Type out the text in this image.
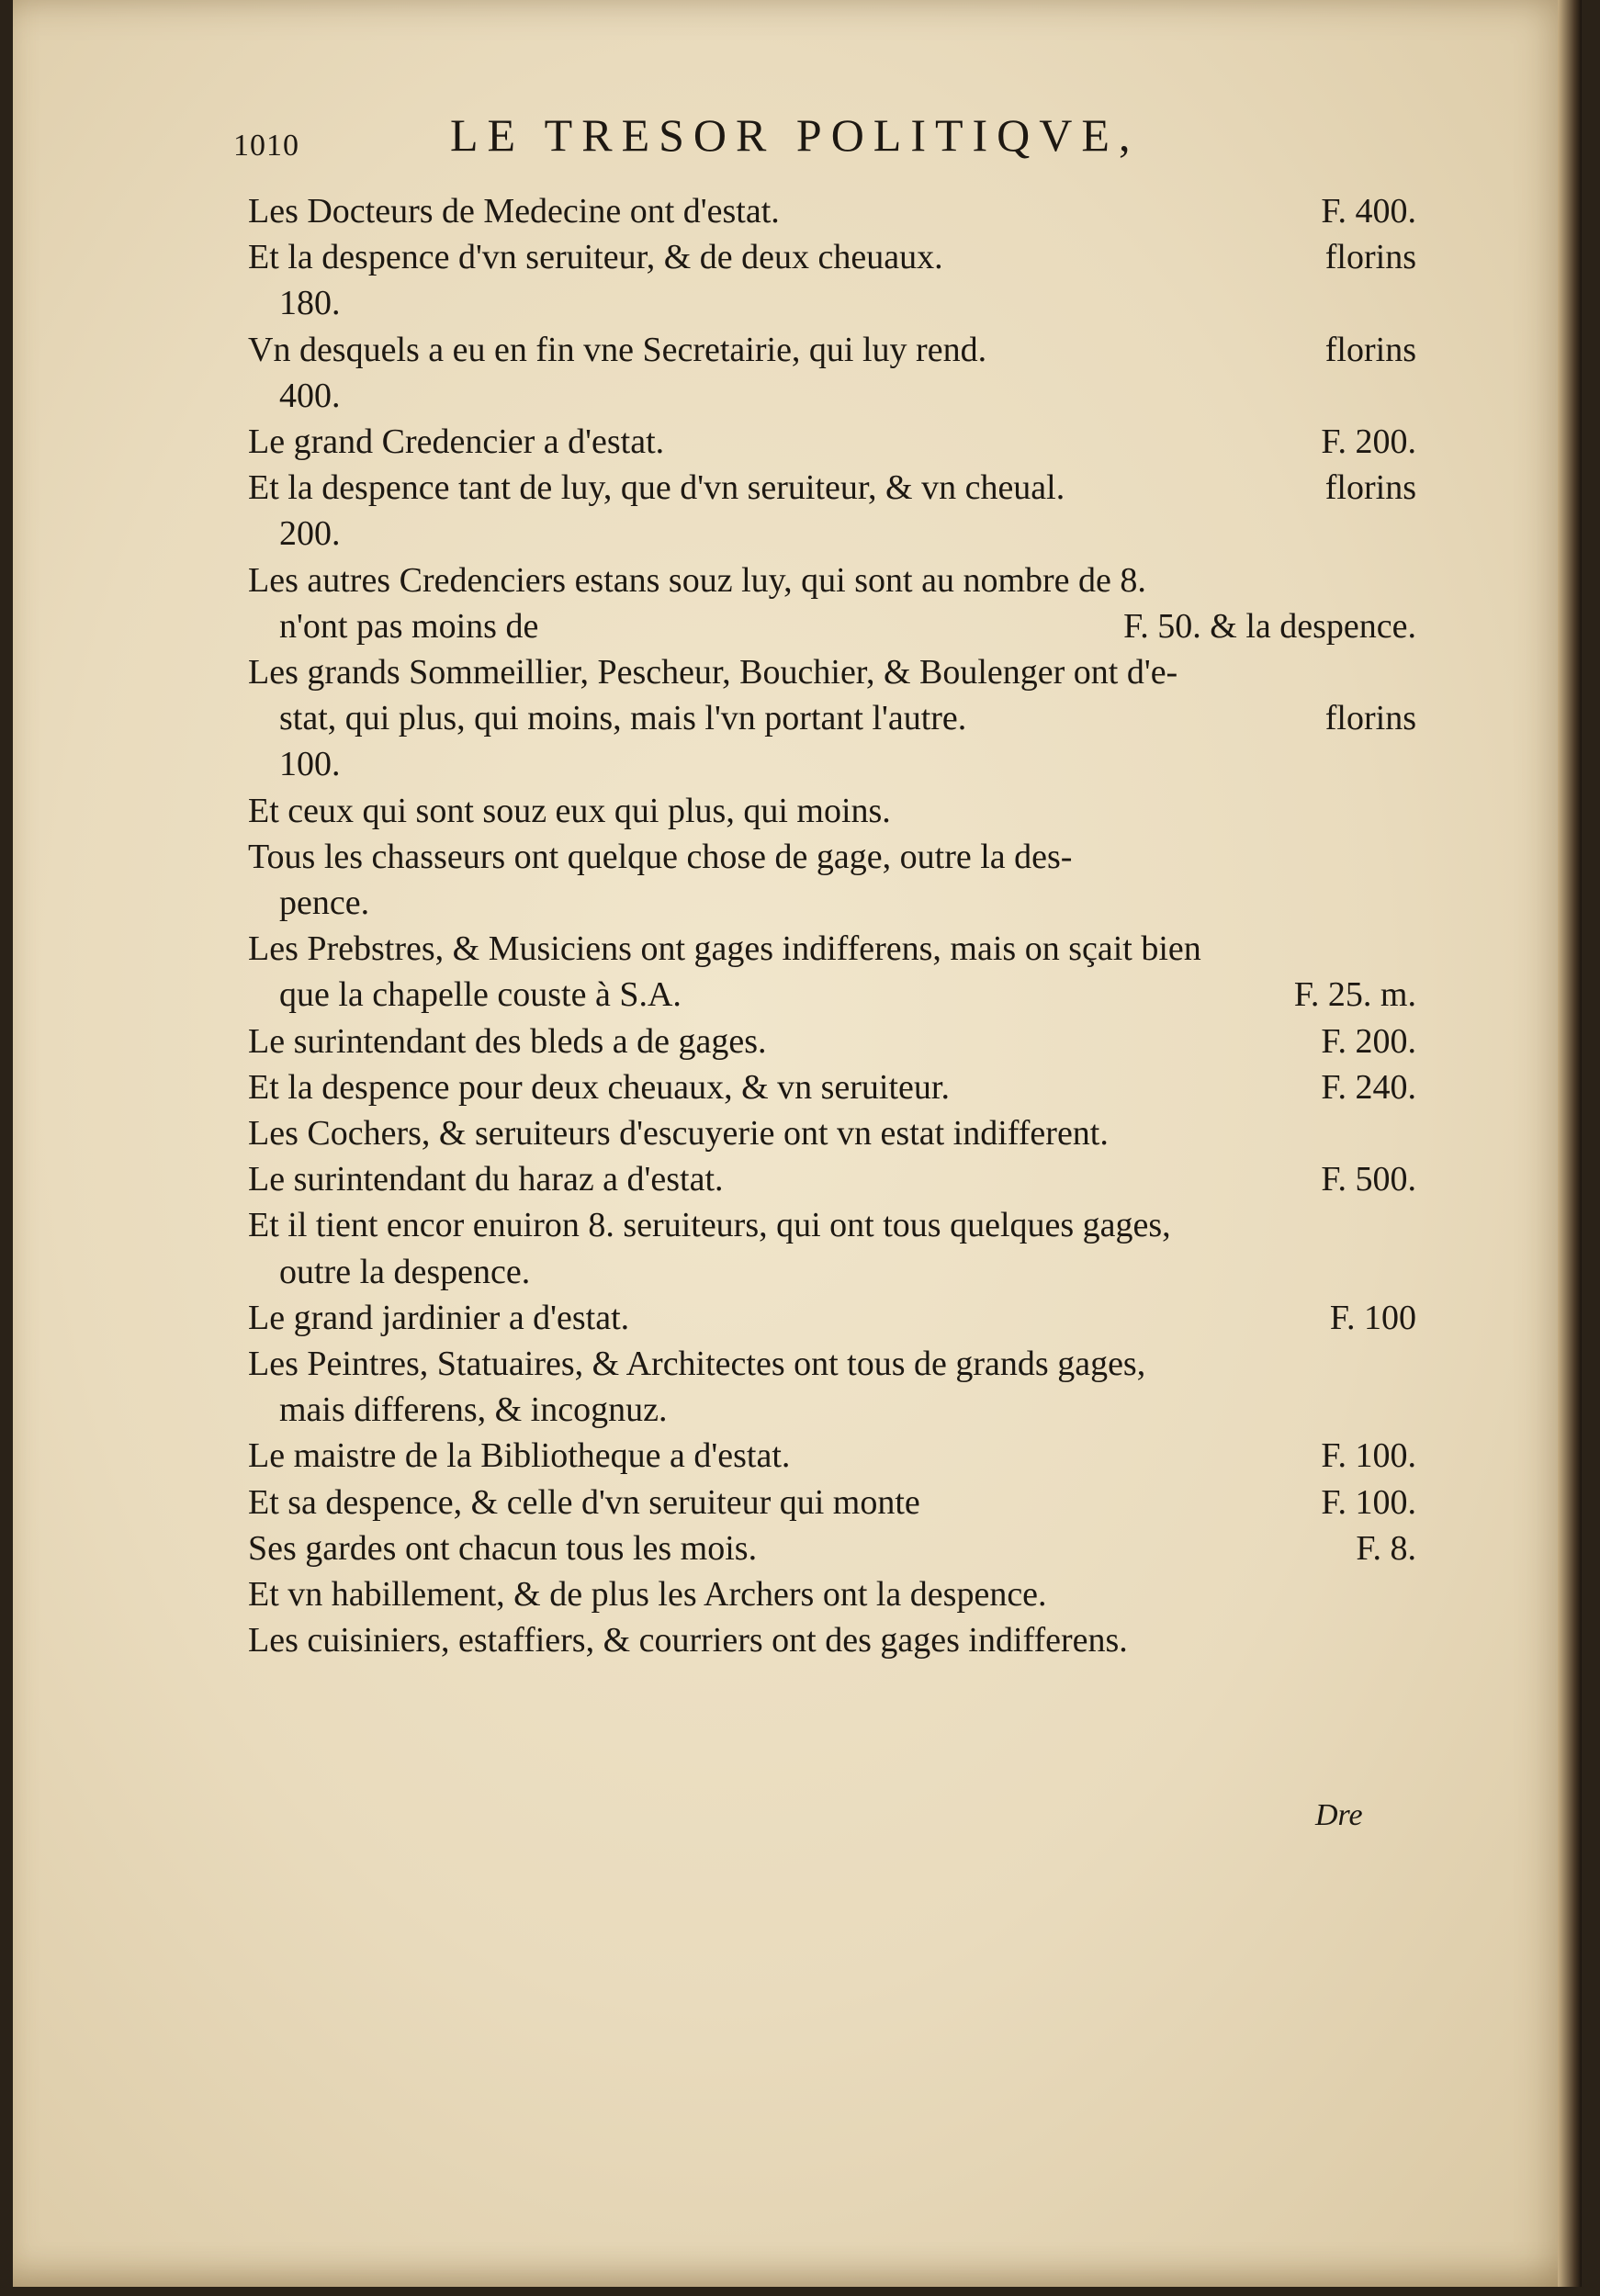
1010	LE TRESOR POLITIQVE,
Les Docteurs de Medecine ont d'estat.	F. 400.
Et la despence d'vn seruiteur, & de deux cheuaux.	florins
180.
Vn desquels a eu en fin vne Secretairie, qui luy rend.	florins
400.
Le grand Credencier a d'estat.	F. 200.
Et la despence tant de luy, que d'vn seruiteur, & vn cheual.	florins
200.
Les autres Credenciers estans souz luy, qui sont au nombre de 8.
n'ont pas moins de	F. 50. & la despence.
Les grands Sommeillier, Pescheur, Bouchier, & Boulenger ont d'e-
stat, qui plus, qui moins, mais l'vn portant l'autre.	florins
100.
Et ceux qui sont souz eux qui plus, qui moins.
Tous les chasseurs ont quelque chose de gage, outre la des-
pence.
Les Prebstres, & Musiciens ont gages indifferens, mais on sçait bien
que la chapelle couste à S.A.	F. 25. m.
Le surintendant des bleds a de gages.	F. 200.
Et la despence pour deux cheuaux, & vn seruiteur.	F. 240.
Les Cochers, & seruiteurs d'escuyerie ont vn estat indifferent.
Le surintendant du haraz a d'estat.	F. 500.
Et il tient encor enuiron 8. seruiteurs, qui ont tous quelques gages,
outre la despence.
Le grand jardinier a d'estat.	F. 100
Les Peintres, Statuaires, & Architectes ont tous de grands gages,
mais differens, & incognuz.
Le maistre de la Bibliotheque a d'estat.	F. 100.
Et sa despence, & celle d'vn seruiteur qui monte	F. 100.
Ses gardes ont chacun tous les mois.	F. 8.
Et vn habillement, & de plus les Archers ont la despence.
Les cuisiniers, estaffiers, & courriers ont des gages indifferens.
Dre
